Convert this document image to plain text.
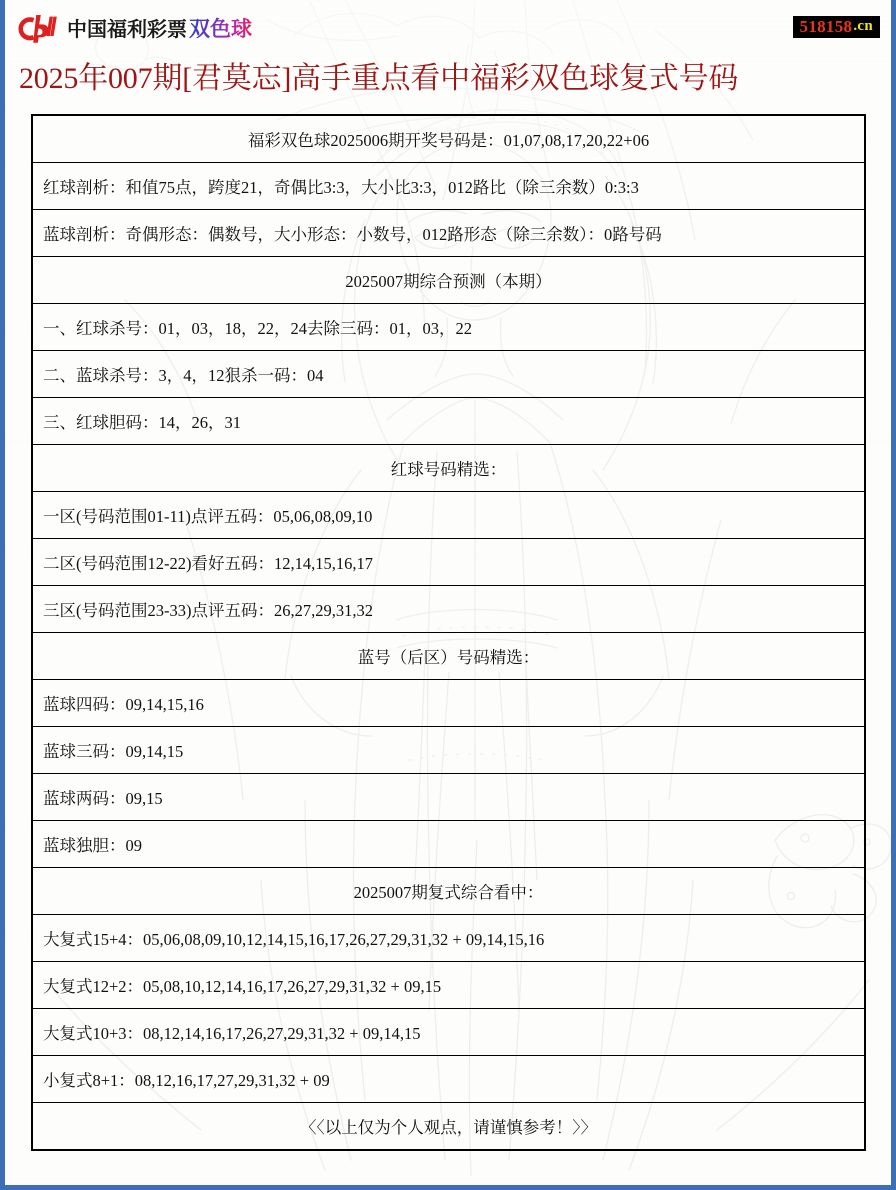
中国福利彩票 双色球	518158 .cn
2025年007期[君莫忘]高手重点看中福彩双色球复式号码
福彩双色球2025006期开奖号码是：01,07,08,17,20,22+06
红球剖析：和值75点，跨度21，奇偶比3:3，大小比3:3，012路比（除三余数）0:3:3
蓝球剖析：奇偶形态：偶数号，大小形态：小数号，012路形态（除三余数）：0路号码
2025007期综合预测（本期）
一、红球杀号：01，03，18，22，24去除三码：01，03，22
二、蓝球杀号：3，4，12狠杀一码：04
三、红球胆码：14，26，31
红球号码精选：
一区(号码范围01-11)点评五码：05,06,08,09,10
二区(号码范围12-22)看好五码：12,14,15,16,17
三区(号码范围23-33)点评五码：26,27,29,31,32
蓝号（后区）号码精选：
蓝球四码：09,14,15,16
蓝球三码：09,14,15
蓝球两码：09,15
蓝球独胆：09
2025007期复式综合看中：
大复式15+4：05,06,08,09,10,12,14,15,16,17,26,27,29,31,32 + 09,14,15,16
大复式12+2：05,08,10,12,14,16,17,26,27,29,31,32 + 09,15
大复式10+3：08,12,14,16,17,26,27,29,31,32 + 09,14,15
小复式8+1：08,12,16,17,27,29,31,32 + 09
〈〈以上仅为个人观点，请谨慎参考！〉〉
